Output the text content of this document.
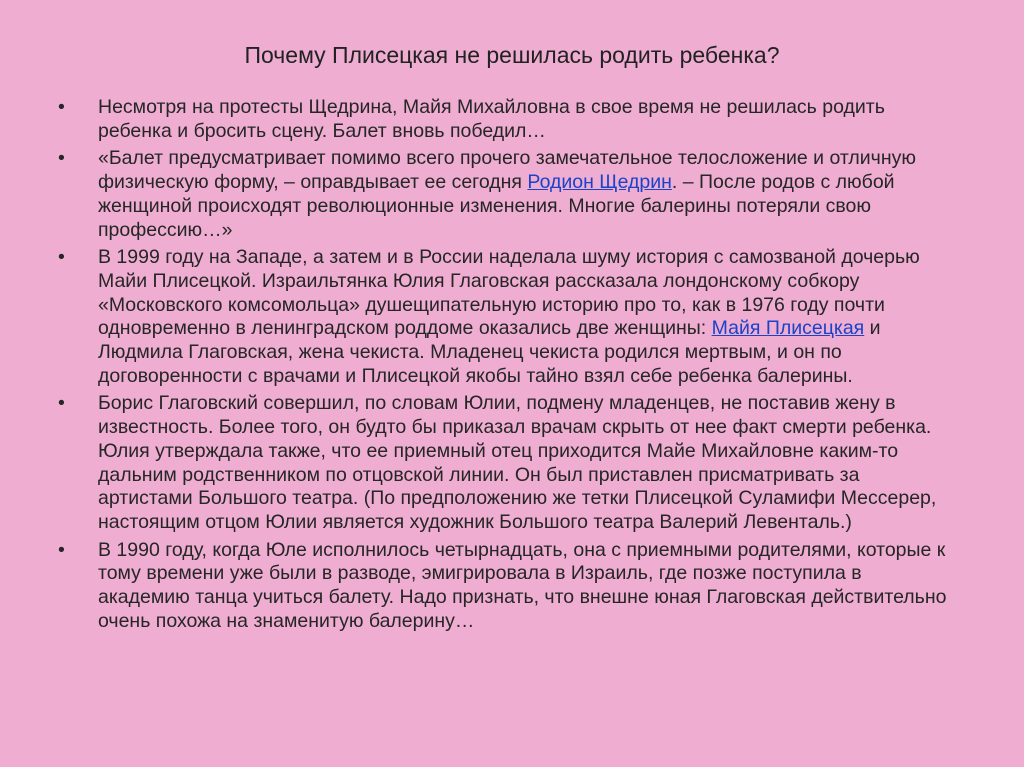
Почему Плисецкая не решилась родить ребенка?
•	Несмотря на протесты Щедрина, Майя Михайловна в свое время не решилась родить ребенка и бросить сцену. Балет вновь победил…
•	«Балет предусматривает помимо всего прочего замечательное телосложение и отличную физическую форму, – оправдывает ее сегодня Родион Щедрин. – После родов с любой женщиной происходят революционные изменения. Многие балерины потеряли свою профессию…»
•	В 1999 году на Западе, а затем и в России наделала шуму история с самозваной дочерью Майи Плисецкой. Израильтянка Юлия Глаговская рассказала лондонскому собкору «Московского комсомольца» душещипательную историю про то, как в 1976 году почти одновременно в ленинградском роддоме оказались две женщины: Майя Плисецкая и Людмила Глаговская, жена чекиста. Младенец чекиста родился мертвым, и он по договоренности с врачами и Плисецкой якобы тайно взял себе ребенка балерины.
•	Борис Глаговский совершил, по словам Юлии, подмену младенцев, не поставив жену в известность. Более того, он будто бы приказал врачам скрыть от нее факт смерти ребенка. Юлия утверждала также, что ее приемный отец приходится Майе Михайловне каким-то дальним родственником по отцовской линии. Он был приставлен присматривать за артистами Большого театра. (По предположению же тетки Плисецкой Суламифи Мессерер, настоящим отцом Юлии является художник Большого театра Валерий Левенталь.)
•	В 1990 году, когда Юле исполнилось четырнадцать, она с приемными родителями, которые к тому времени уже были в разводе, эмигрировала в Израиль, где позже поступила в академию танца учиться балету. Надо признать, что внешне юная Глаговская действительно очень похожа на знаменитую балерину…
